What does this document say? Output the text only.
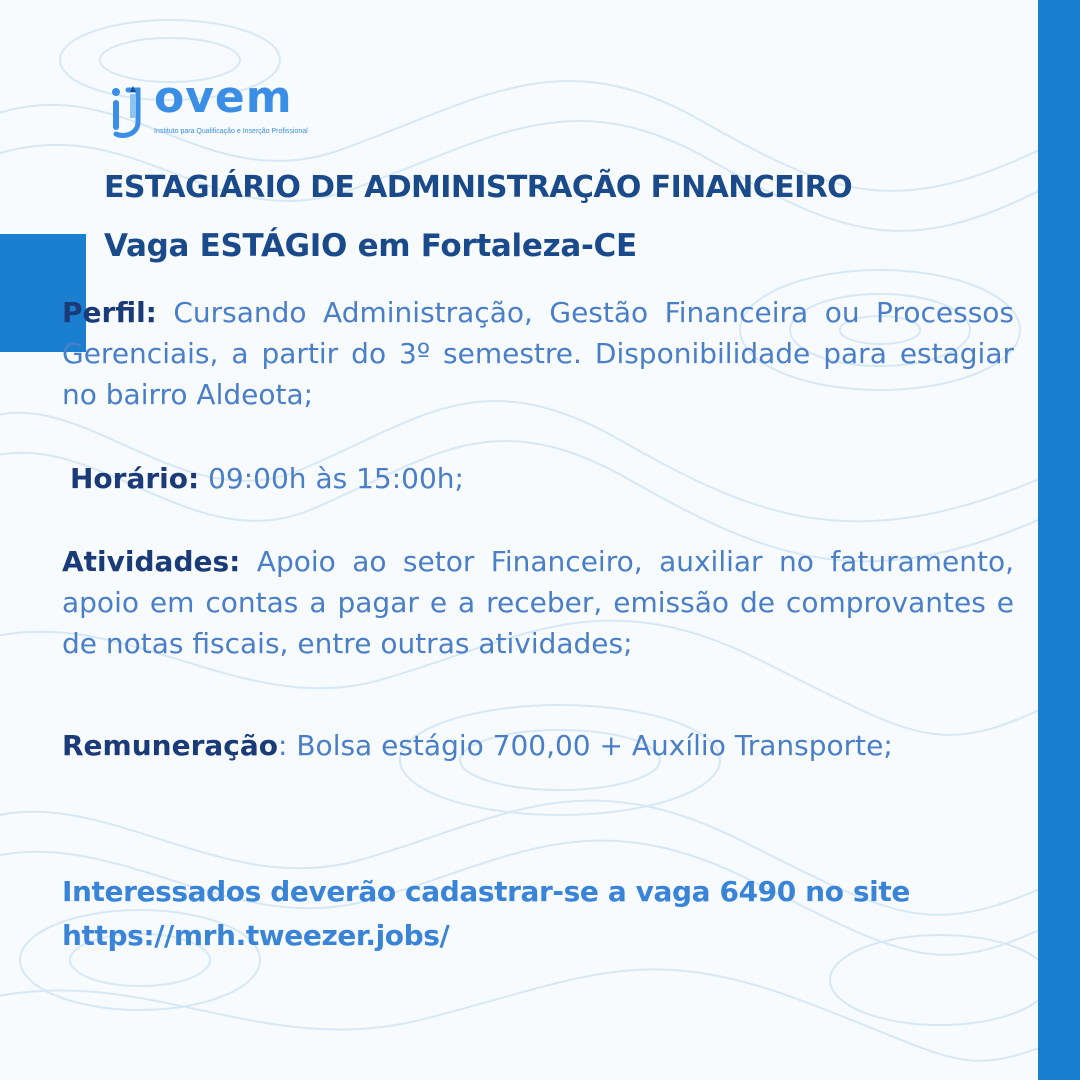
ovem
Instituto para Qualificação e Inserção Profissional
ESTAGIÁRIO DE ADMINISTRAÇÃO FINANCEIRO
Vaga ESTÁGIO em Fortaleza-CE

Perfil: Cursando Administração, Gestão Financeira ou Processos Gerenciais, a partir do 3º semestre. Disponibilidade para estagiar no bairro Aldeota;

Horário: 09:00h às 15:00h;

Atividades: Apoio ao setor Financeiro, auxiliar no faturamento, apoio em contas a pagar e a receber, emissão de comprovantes e de notas fiscais, entre outras atividades;

Remuneração: Bolsa estágio 700,00 + Auxílio Transporte;

Interessados deverão cadastrar-se a vaga 6490 no site
https://mrh.tweezer.jobs/
